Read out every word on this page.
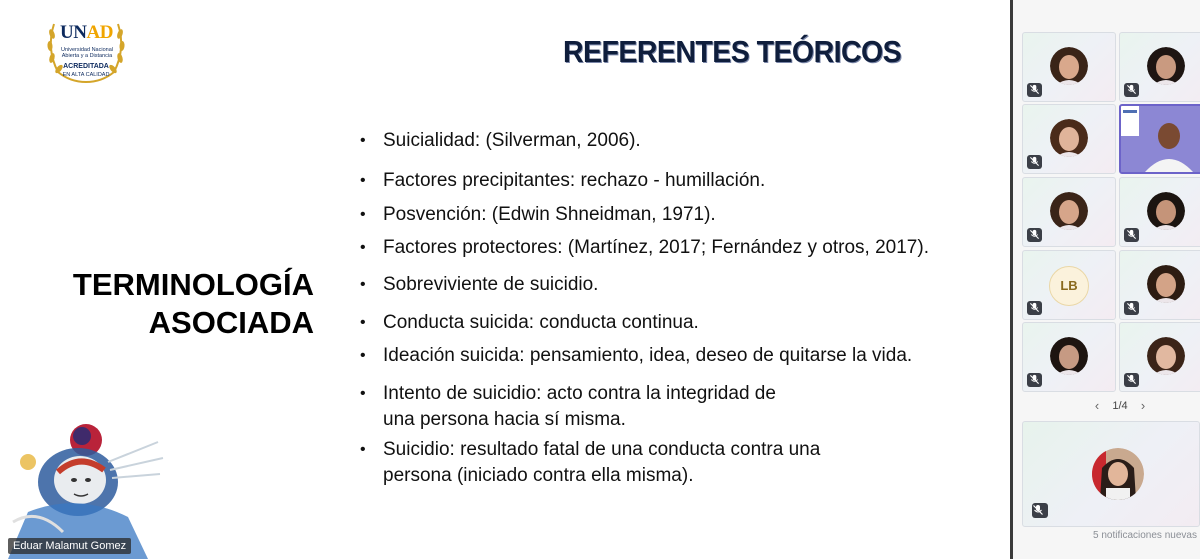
UNAD
Universidad Nacional Abierta y a Distancia
ACREDITADA
EN ALTA CALIDAD
REFERENTES TEÓRICOS
TERMINOLOGÍA
ASOCIADA
• Suicialidad: (Silverman, 2006).
• Factores precipitantes: rechazo - humillación.
• Posvención: (Edwin Shneidman, 1971).
• Factores protectores: (Martínez, 2017; Fernández y otros, 2017).
• Sobreviviente de suicidio.
• Conducta suicida: conducta continua.
• Ideación suicida: pensamiento, idea, deseo de quitarse la vida.
• Intento de suicidio: acto contra la integridad de
una persona hacia sí misma.
• Suicidio: resultado fatal de una conducta contra una
persona (iniciado contra ella misma).
Eduar Malamut Gomez
LB
‹	1/4	›
5 notificaciones nuevas
